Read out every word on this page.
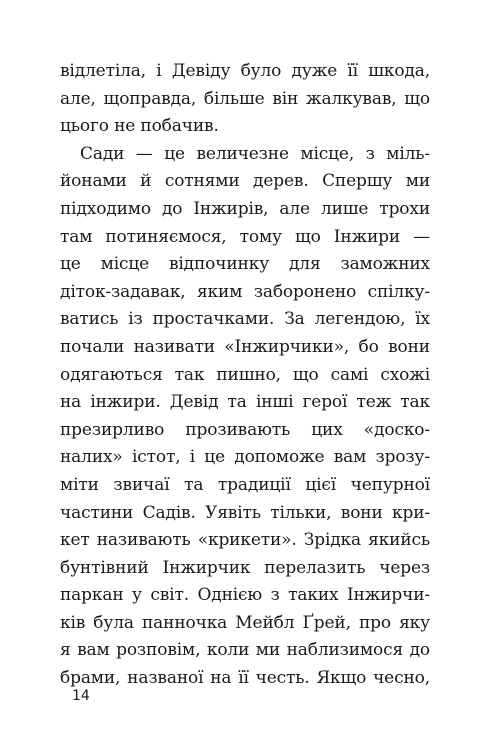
відлетіла, і Девіду було дуже її шкода,
але, щоправда, більше він жалкував, що
цього не побачив.
Сади — це величезне місце, з міль-
йонами й сотнями дерев. Спершу ми
підходимо до Інжирів, але лише трохи
там потиняємося, тому що Інжири —
це місце відпочинку для заможних
діток-задавак, яким заборонено спілку-
ватись із простачками. За легендою, їх
почали називати «Інжирчики», бо вони
одягаються так пишно, що самі схожі
на інжири. Девід та інші герої теж так
презирливо прозивають цих «доско-
налих» істот, і це допоможе вам зрозу-
міти звичаї та традиції цієї чепурної
частини Садів. Уявіть тільки, вони кри-
кет називають «крикети». Зрідка якийсь
бунтівний Інжирчик перелазить через
паркан у світ. Однією з таких Інжирчи-
ків була панночка Мейбл Ґрей, про яку
я вам розповім, коли ми наблизимося до
брами, названої на її честь. Якщо чесно,
14
